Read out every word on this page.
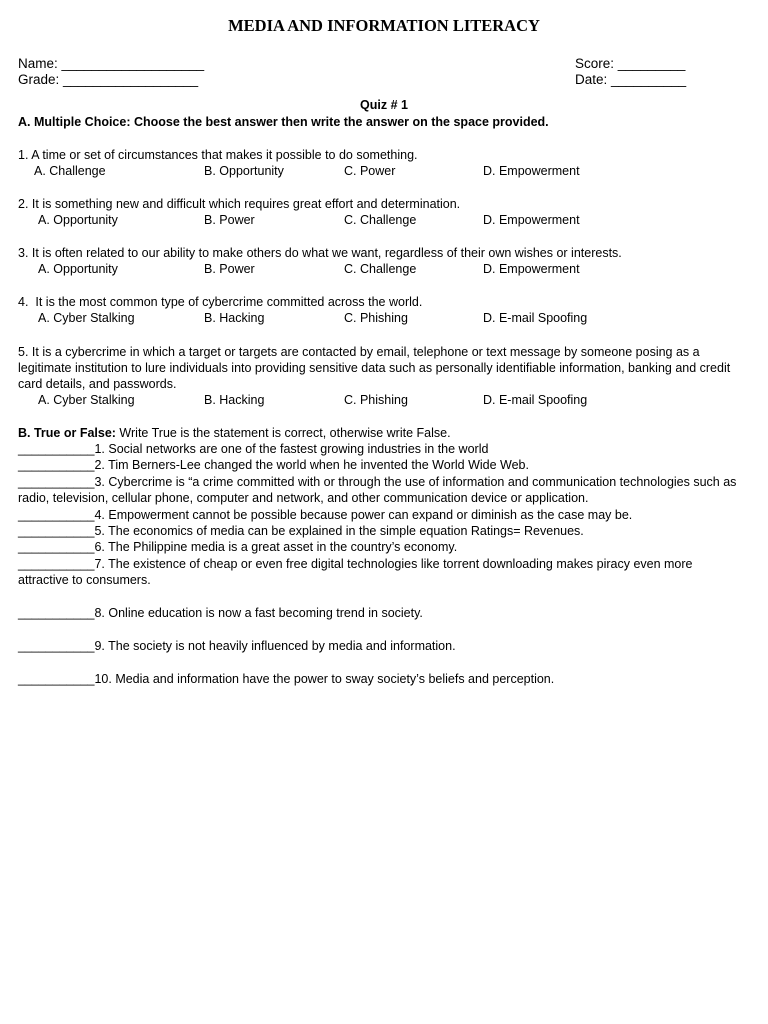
MEDIA AND INFORMATION LITERACY
Name: ___________________
Grade: __________________
Score: _________
Date: __________
Quiz # 1
A. Multiple Choice: Choose the best answer then write the answer on the space provided.
1. A time or set of circumstances that makes it possible to do something.
A. Challenge	B. Opportunity	C. Power	D. Empowerment
2. It is something new and difficult which requires great effort and determination.
A. Opportunity	B. Power	C. Challenge	D. Empowerment
3. It is often related to our ability to make others do what we want, regardless of their own wishes or interests.
A. Opportunity	B. Power	C. Challenge	D. Empowerment
4.  It is the most common type of cybercrime committed across the world.
A. Cyber Stalking	B. Hacking	C. Phishing	D. E-mail Spoofing
5. It is a cybercrime in which a target or targets are contacted by email, telephone or text message by someone posing as a legitimate institution to lure individuals into providing sensitive data such as personally identifiable information, banking and credit card details, and passwords.
A. Cyber Stalking	B. Hacking	C. Phishing	D. E-mail Spoofing
B. True or False: Write True is the statement is correct, otherwise write False.
___________1. Social networks are one of the fastest growing industries in the world
___________2. Tim Berners-Lee changed the world when he invented the World Wide Web.
___________3. Cybercrime is “a crime committed with or through the use of information and communication technologies such as radio, television, cellular phone, computer and network, and other communication device or application.
___________4. Empowerment cannot be possible because power can expand or diminish as the case may be.
___________5. The economics of media can be explained in the simple equation Ratings= Revenues.
___________6. The Philippine media is a great asset in the country’s economy.
___________7. The existence of cheap or even free digital technologies like torrent downloading makes piracy even more attractive to consumers.
___________8. Online education is now a fast becoming trend in society.
___________9. The society is not heavily influenced by media and information.
___________10. Media and information have the power to sway society’s beliefs and perception.
